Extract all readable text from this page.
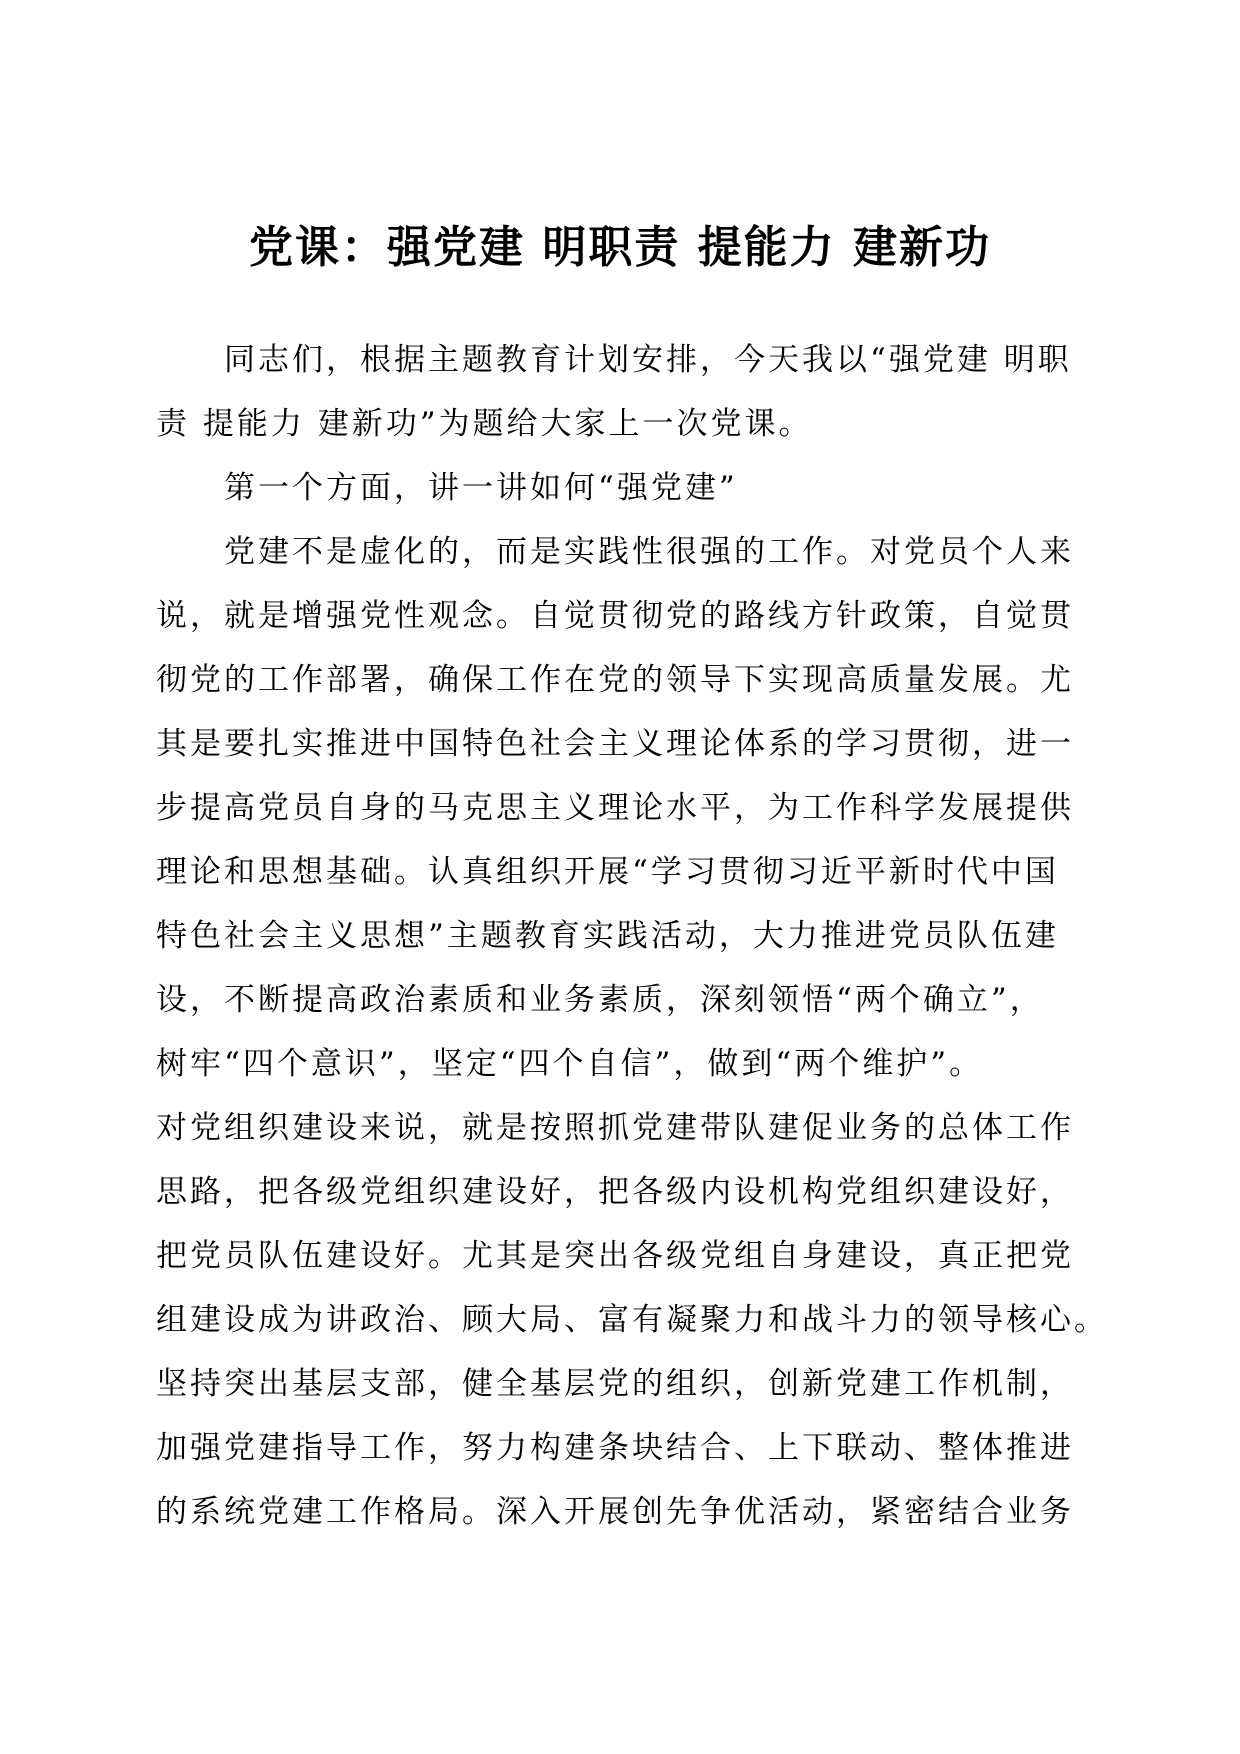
党课：强党建 明职责 提能力 建新功

同志们，根据主题教育计划安排，今天我以“强党建 明职

责 提能力 建新功”为题给大家上一次党课。

第一个方面，讲一讲如何“强党建”

党建不是虚化的，而是实践性很强的工作。对党员个人来

说，就是增强党性观念。自觉贯彻党的路线方针政策，自觉贯

彻党的工作部署，确保工作在党的领导下实现高质量发展。尤

其是要扎实推进中国特色社会主义理论体系的学习贯彻，进一

步提高党员自身的马克思主义理论水平，为工作科学发展提供

理论和思想基础。认真组织开展“学习贯彻习近平新时代中国

特色社会主义思想”主题教育实践活动，大力推进党员队伍建

设，不断提高政治素质和业务素质，深刻领悟“两个确立”，

树牢“四个意识”，坚定“四个自信”，做到“两个维护”。

对党组织建设来说，就是按照抓党建带队建促业务的总体工作

思路，把各级党组织建设好，把各级内设机构党组织建设好，

把党员队伍建设好。尤其是突出各级党组自身建设，真正把党

组建设成为讲政治、顾大局、富有凝聚力和战斗力的领导核心。

坚持突出基层支部，健全基层党的组织，创新党建工作机制，

加强党建指导工作，努力构建条块结合、上下联动、整体推进

的系统党建工作格局。深入开展创先争优活动，紧密结合业务
